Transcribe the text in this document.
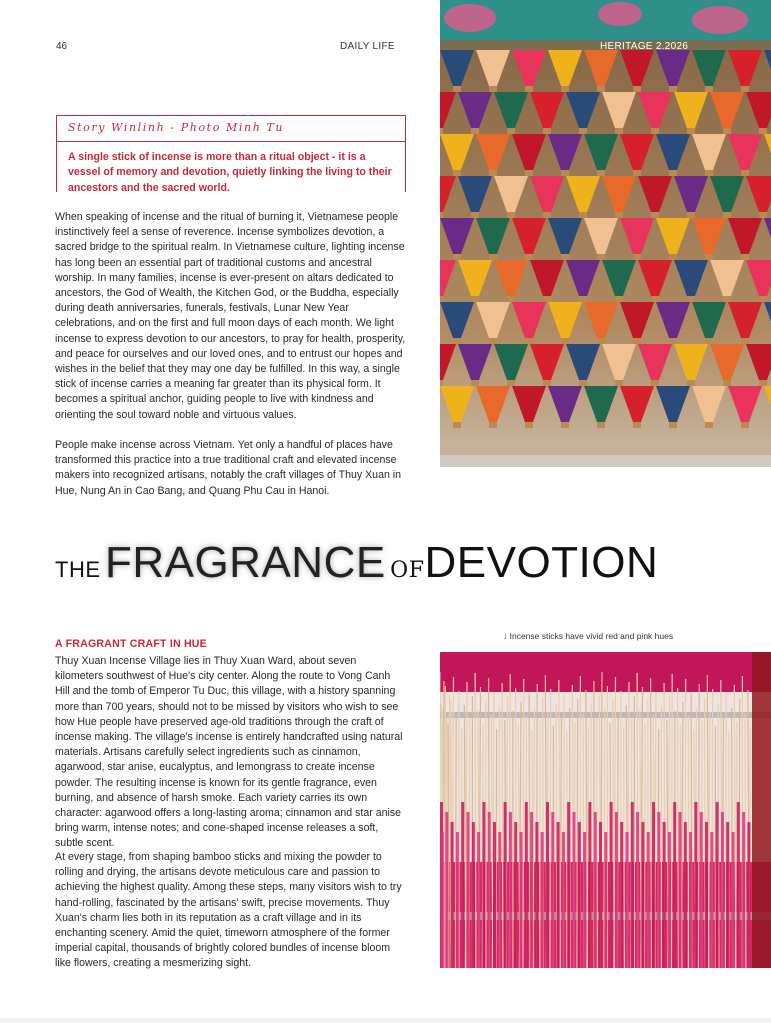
46	DAILY LIFE	HERITAGE 2.2026
Story Winlinh - Photo Minh Tu
A single stick of incense is more than a ritual object - it is a vessel of memory and devotion, quietly linking the living to their ancestors and the sacred world.
When speaking of incense and the ritual of burning it, Vietnamese people instinctively feel a sense of reverence. Incense symbolizes devotion, a sacred bridge to the spiritual realm. In Vietnamese culture, lighting incense has long been an essential part of traditional customs and ancestral worship. In many families, incense is ever-present on altars dedicated to ancestors, the God of Wealth, the Kitchen God, or the Buddha, especially during death anniversaries, funerals, festivals, Lunar New Year celebrations, and on the first and full moon days of each month. We light incense to express devotion to our ancestors, to pray for health, prosperity, and peace for ourselves and our loved ones, and to entrust our hopes and wishes in the belief that they may one day be fulfilled. In this way, a single stick of incense carries a meaning far greater than its physical form. It becomes a spiritual anchor, guiding people to live with kindness and orienting the soul toward noble and virtuous values.
People make incense across Vietnam. Yet only a handful of places have transformed this practice into a true traditional craft and elevated incense makers into recognized artisans, notably the craft villages of Thuy Xuan in Hue, Nung An in Cao Bang, and Quang Phu Cau in Hanoi.
THE FRAGRANCE OFDEVOTION
A FRAGRANT CRAFT IN HUE
↓ Incense sticks have vivid red and pink hues
Thuy Xuan Incense Village lies in Thuy Xuan Ward, about seven kilometers southwest of Hue's city center. Along the route to Vong Canh Hill and the tomb of Emperor Tu Duc, this village, with a history spanning more than 700 years, should not to be missed by visitors who wish to see how Hue people have preserved age-old traditions through the craft of incense making. The village's incense is entirely handcrafted using natural materials. Artisans carefully select ingredients such as cinnamon, agarwood, star anise, eucalyptus, and lemongrass to create incense powder. The resulting incense is known for its gentle fragrance, even burning, and absence of harsh smoke. Each variety carries its own character: agarwood offers a long-lasting aroma; cinnamon and star anise bring warm, intense notes; and cone-shaped incense releases a soft, subtle scent.
At every stage, from shaping bamboo sticks and mixing the powder to rolling and drying, the artisans devote meticulous care and passion to achieving the highest quality. Among these steps, many visitors wish to try hand-rolling, fascinated by the artisans' swift, precise movements. Thuy Xuan's charm lies both in its reputation as a craft village and in its enchanting scenery. Amid the quiet, timeworn atmosphere of the former imperial capital, thousands of brightly colored bundles of incense bloom like flowers, creating a mesmerizing sight.
